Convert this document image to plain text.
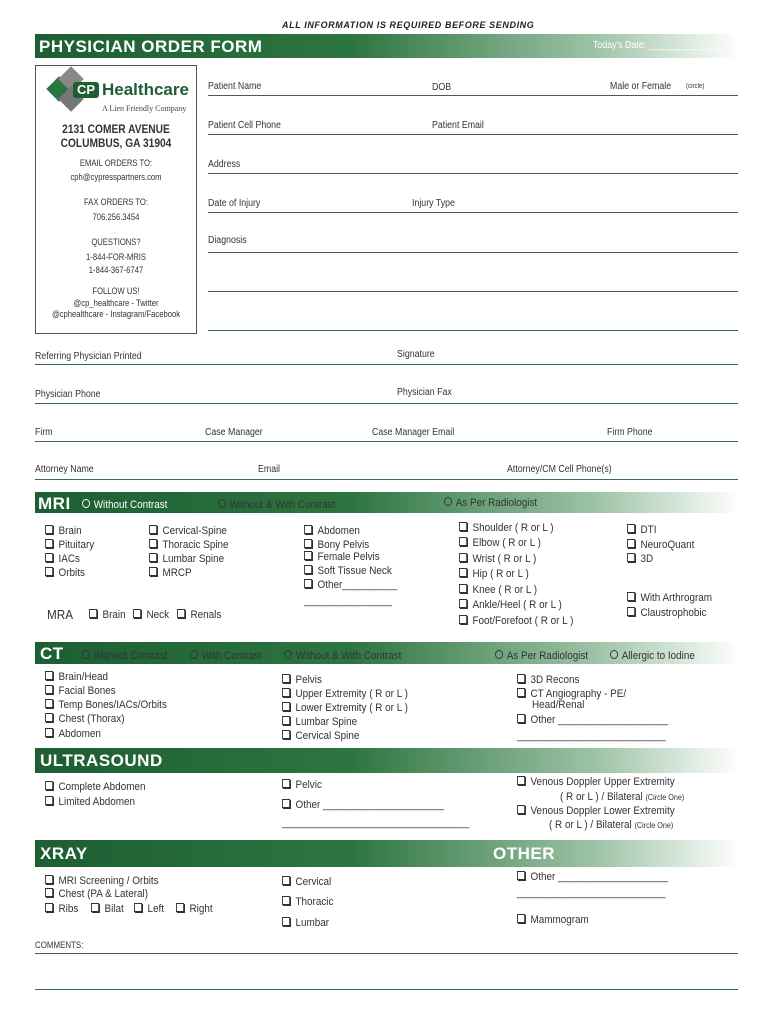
ALL INFORMATION IS REQUIRED BEFORE SENDING
PHYSICIAN ORDER FORM	Today's Date: _______________
CP Healthcare
A Lien Friendly Company
2131 COMER AVENUE
COLUMBUS, GA 31904
EMAIL ORDERS TO:
cph@cypresspartners.com
FAX ORDERS TO:
706.256.3454
QUESTIONS?
1-844-FOR-MRIS
1-844-367-6747
FOLLOW US!
@cp_healthcare - Twitter
@cphealthcare - Instagram/Facebook
Patient Name	DOB	Male or Female (circle)
Patient Cell Phone	Patient Email
Address
Date of Injury	Injury Type
Diagnosis
Referring Physician Printed	Signature
Physician Phone	Physician Fax
Firm	Case Manager	Case Manager Email	Firm Phone
Attorney Name	Email	Attorney/CM Cell Phone(s)
MRI	Without Contrast	Without & With Contrast	As Per Radiologist
Brain
Pituitary
IACs
Orbits
Cervical-Spine
Thoracic Spine
Lumbar Spine
MRCP
Abdomen
Bony Pelvis
Female Pelvis
Soft Tissue Neck
Other__________
________________
Shoulder ( R or L )
Elbow ( R or L )
Wrist ( R or L )
Hip ( R or L )
Knee ( R or L )
Ankle/Heel ( R or L )
Foot/Forefoot ( R or L )
DTI
NeuroQuant
3D
With Arthrogram
Claustrophobic
MRA	Brain	Neck	Renals
CT	Without Contrast	With Contrast	Without & With Contrast	As Per Radiologist	Allergic to Iodine
Brain/Head
Facial Bones
Temp Bones/IACs/Orbits
Chest (Thorax)
Abdomen
Pelvis
Upper Extremity ( R or L )
Lower Extremity ( R or L )
Lumbar Spine
Cervical Spine
3D Recons
CT Angiography - PE/
Head/Renal
Other ____________________
___________________________
ULTRASOUND
Complete Abdomen
Limited Abdomen
Pelvic
Other ______________________
__________________________________
Venous Doppler Upper Extremity
( R or L ) / Bilateral (Circle One)
Venous Doppler Lower Extremity
( R or L ) / Bilateral (Circle One)
XRAY	OTHER
MRI Screening / Orbits
Chest (PA & Lateral)
Ribs	Bilat	Left	Right
Cervical
Thoracic
Lumbar
Other ____________________
___________________________
Mammogram
COMMENTS:
